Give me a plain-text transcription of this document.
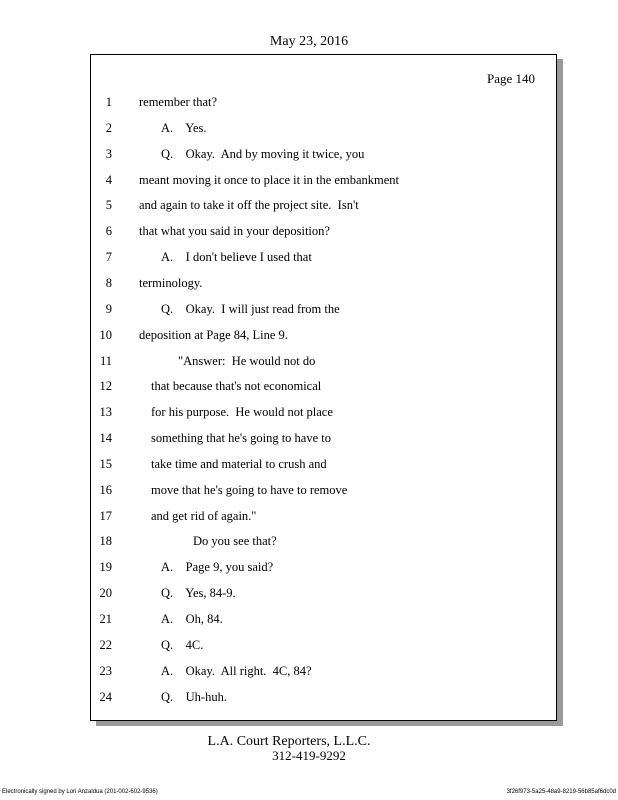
May 23, 2016
Page 140
1 remember that?
2	A.    Yes.
3	Q.    Okay.  And by moving it twice, you
4 meant moving it once to place it in the embankment
5 and again to take it off the project site.  Isn't
6 that what you said in your deposition?
7	A.    I don't believe I used that
8 terminology.
9	Q.    Okay.  I will just read from the
10 deposition at Page 84, Line 9.
11	"Answer:  He would not do
12	that because that's not economical
13	for his purpose.  He would not place
14	something that he's going to have to
15	take time and material to crush and
16	move that he's going to have to remove
17	and get rid of again."
18	Do you see that?
19	A.    Page 9, you said?
20	Q.    Yes, 84-9.
21	A.    Oh, 84.
22	Q.    4C.
23	A.    Okay.  All right.  4C, 84?
24	Q.    Uh-huh.
L.A. Court Reporters, L.L.C.
312-419-9292
Electronically signed by Lori Anzaldua (201-002-602-9536)	3f26f973-5a25-48a9-8219-56b85af6dc0d
